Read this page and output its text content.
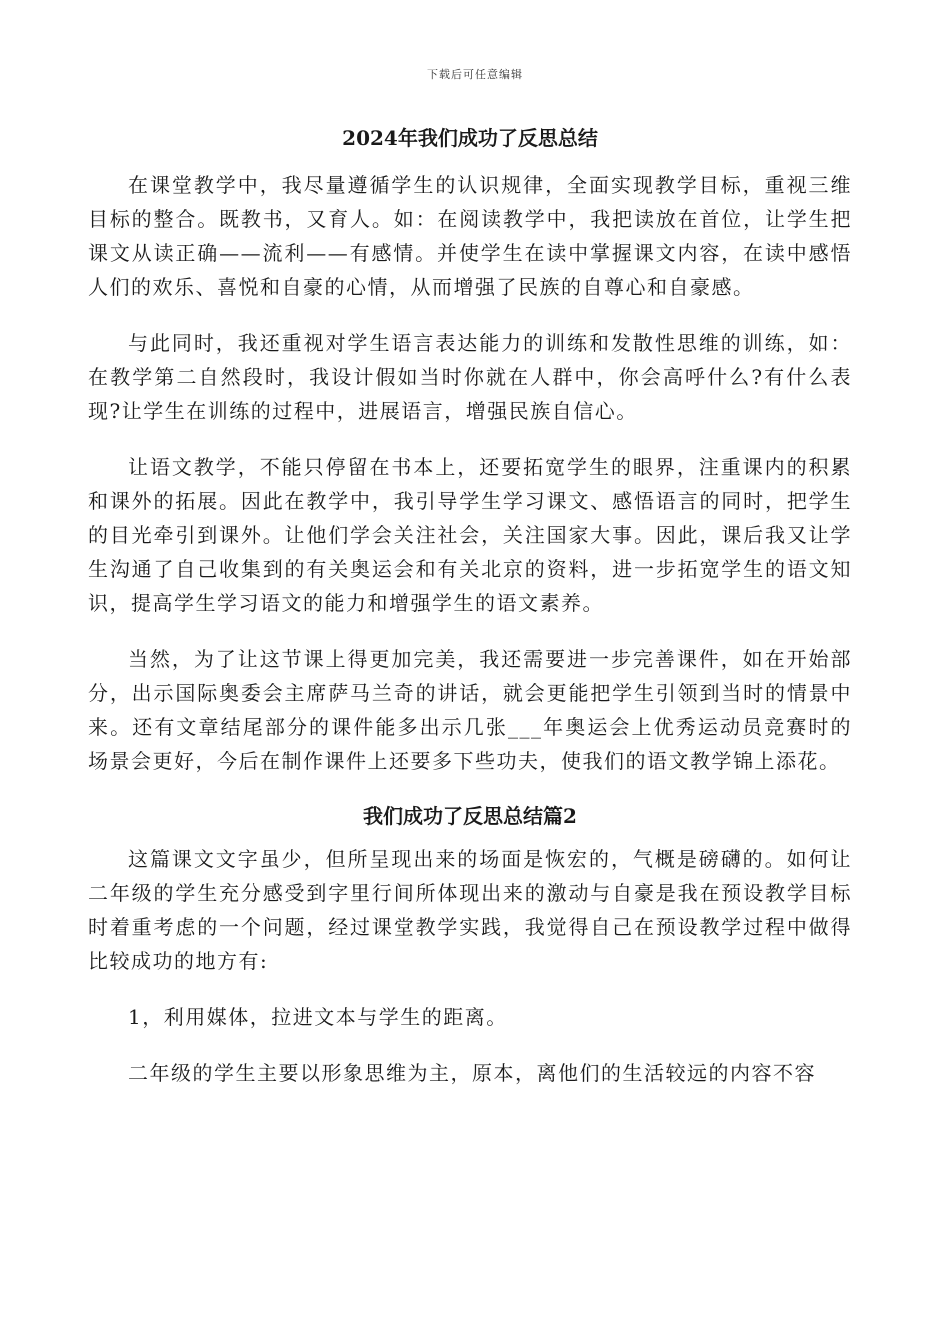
下载后可任意编辑
2024年我们成功了反思总结

在课堂教学中，我尽量遵循学生的认识规律，全面实现教学目标，重视三维目标的整合。既教书，又育人。如：在阅读教学中，我把读放在首位，让学生把课文从读正确——流利——有感情。并使学生在读中掌握课文内容，在读中感悟人们的欢乐、喜悦和自豪的心情，从而增强了民族的自尊心和自豪感。

与此同时，我还重视对学生语言表达能力的训练和发散性思维的训练，如：在教学第二自然段时，我设计假如当时你就在人群中，你会高呼什么?有什么表现?让学生在训练的过程中，进展语言，增强民族自信心。

让语文教学，不能只停留在书本上，还要拓宽学生的眼界，注重课内的积累和课外的拓展。因此在教学中，我引导学生学习课文、感悟语言的同时，把学生的目光牵引到课外。让他们学会关注社会，关注国家大事。因此，课后我又让学生沟通了自己收集到的有关奥运会和有关北京的资料，进一步拓宽学生的语文知识，提高学生学习语文的能力和增强学生的语文素养。

当然，为了让这节课上得更加完美，我还需要进一步完善课件，如在开始部分，出示国际奥委会主席萨马兰奇的讲话，就会更能把学生引领到当时的情景中来。还有文章结尾部分的课件能多出示几张___年奥运会上优秀运动员竞赛时的场景会更好，今后在制作课件上还要多下些功夫，使我们的语文教学锦上添花。

我们成功了反思总结篇2

这篇课文文字虽少，但所呈现出来的场面是恢宏的，气概是磅礴的。如何让二年级的学生充分感受到字里行间所体现出来的激动与自豪是我在预设教学目标时着重考虑的一个问题，经过课堂教学实践，我觉得自己在预设教学过程中做得比较成功的地方有:

1，利用媒体，拉进文本与学生的距离。

二年级的学生主要以形象思维为主，原本，离他们的生活较远的内容不容
